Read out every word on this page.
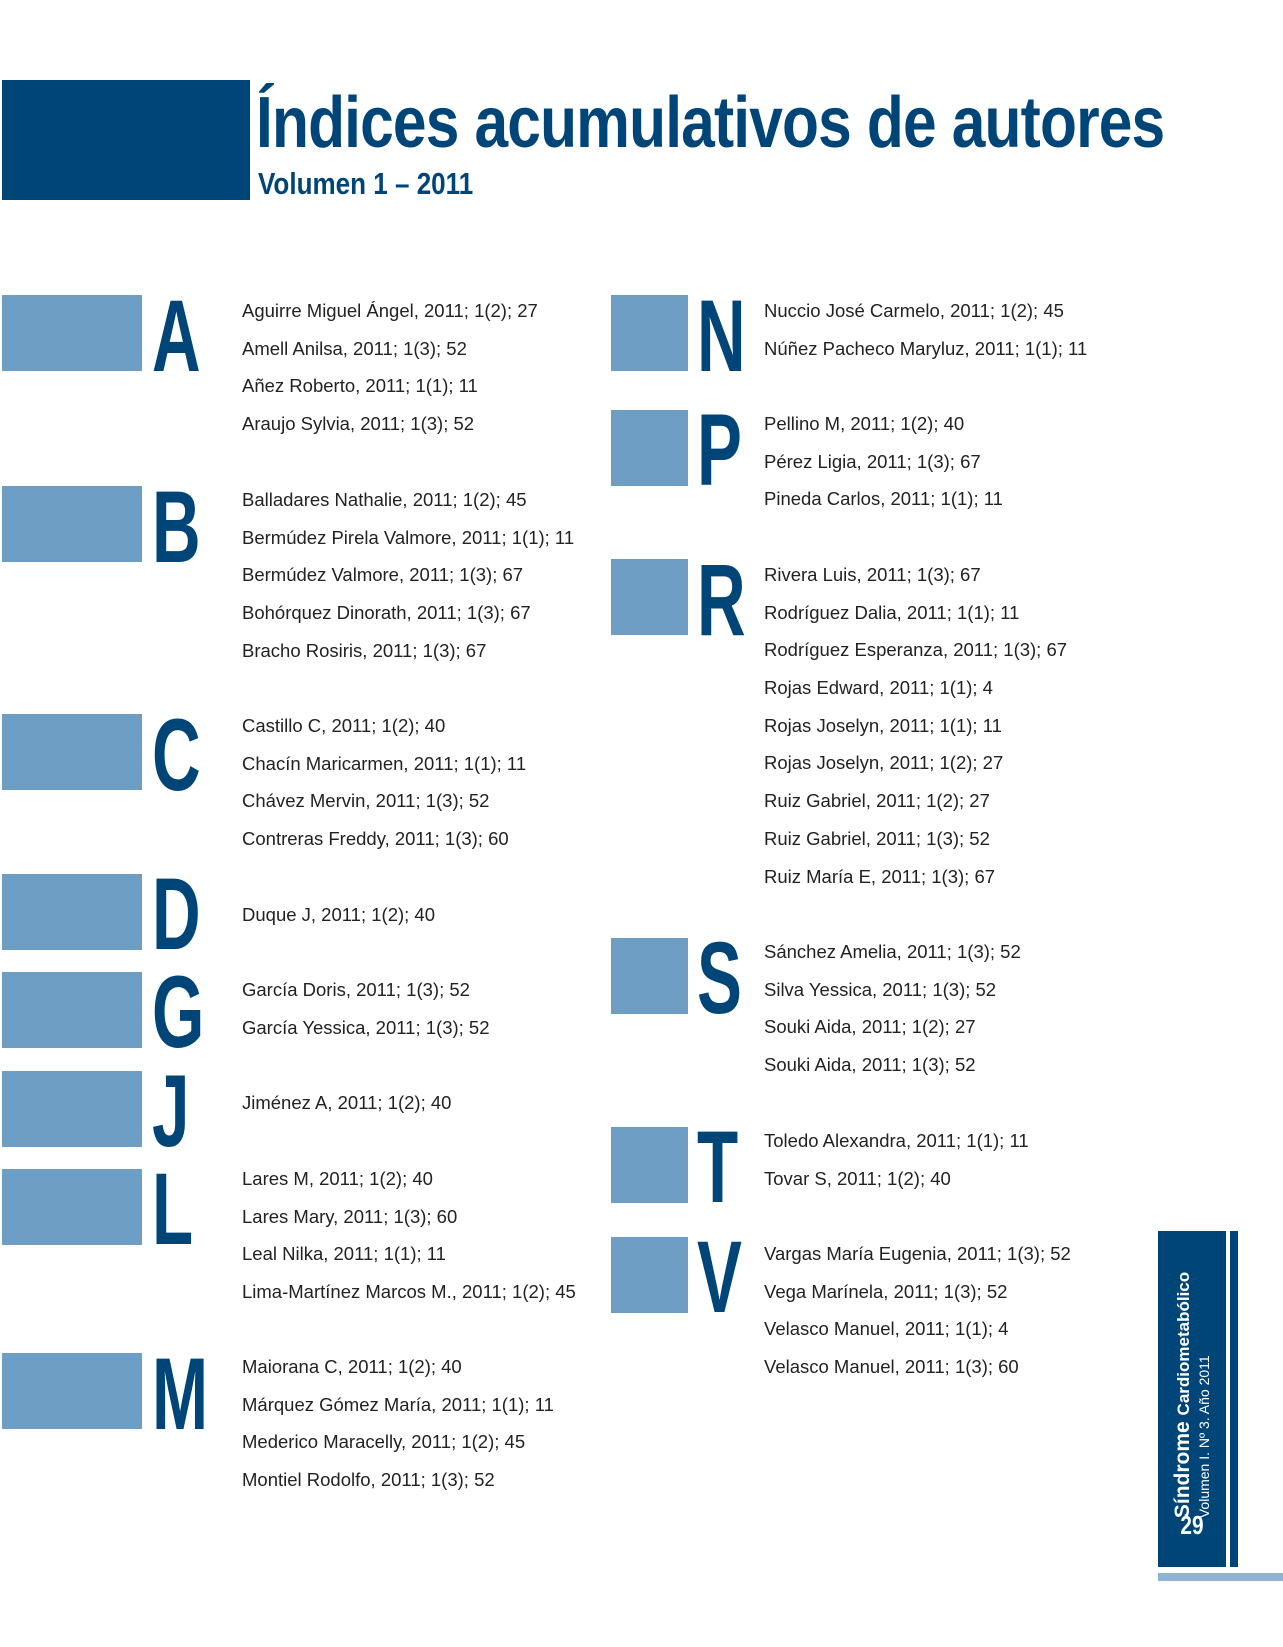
Índices acumulativos de autores
Volumen 1 – 2011
A Aguirre Miguel Ángel, 2011; 1(2); 27
Amell Anilsa, 2011; 1(3); 52
Añez Roberto, 2011; 1(1); 11
Araujo Sylvia, 2011; 1(3); 52
B Balladares Nathalie, 2011; 1(2); 45
Bermúdez Pirela Valmore, 2011; 1(1); 11
Bermúdez Valmore, 2011; 1(3); 67
Bohórquez Dinorath, 2011; 1(3); 67
Bracho Rosiris, 2011; 1(3); 67
C Castillo C, 2011; 1(2); 40
Chacín Maricarmen, 2011; 1(1); 11
Chávez Mervin, 2011; 1(3); 52
Contreras Freddy, 2011; 1(3); 60
D Duque J, 2011; 1(2); 40
G García Doris, 2011; 1(3); 52
García Yessica, 2011; 1(3); 52
J	Jiménez A, 2011; 1(2); 40
L	Lares M, 2011; 1(2); 40
Lares Mary, 2011; 1(3); 60
Leal Nilka, 2011; 1(1); 11
Lima-Martínez Marcos M., 2011; 1(2); 45
M Maiorana C, 2011; 1(2); 40
Márquez Gómez María, 2011; 1(1); 11
Mederico Maracelly, 2011; 1(2); 45
Montiel Rodolfo, 2011; 1(3); 52
N Nuccio José Carmelo, 2011; 1(2); 45
Núñez Pacheco Maryluz, 2011; 1(1); 11
P Pellino M, 2011; 1(2); 40
Pérez Ligia, 2011; 1(3); 67
Pineda Carlos, 2011; 1(1); 11
R Rivera Luis, 2011; 1(3); 67
Rodríguez Dalia, 2011; 1(1); 11
Rodríguez Esperanza, 2011; 1(3); 67
Rojas Edward, 2011; 1(1); 4
Rojas Joselyn, 2011; 1(1); 11
Rojas Joselyn, 2011; 1(2); 27
Ruiz Gabriel, 2011; 1(2); 27
Ruiz Gabriel, 2011; 1(3); 52
Ruiz María E, 2011; 1(3); 67
S Sánchez Amelia, 2011; 1(3); 52
Silva Yessica, 2011; 1(3); 52
Souki Aida, 2011; 1(2); 27
Souki Aida, 2011; 1(3); 52
T Toledo Alexandra, 2011; 1(1); 11
Tovar S, 2011; 1(2); 40
V Vargas María Eugenia, 2011; 1(3); 52
Vega Marínela, 2011; 1(3); 52
Velasco Manuel, 2011; 1(1); 4
Velasco Manuel, 2011; 1(3); 60
Síndrome Cardiometabólico
Volumen I. Nº 3. Año 2011
29
